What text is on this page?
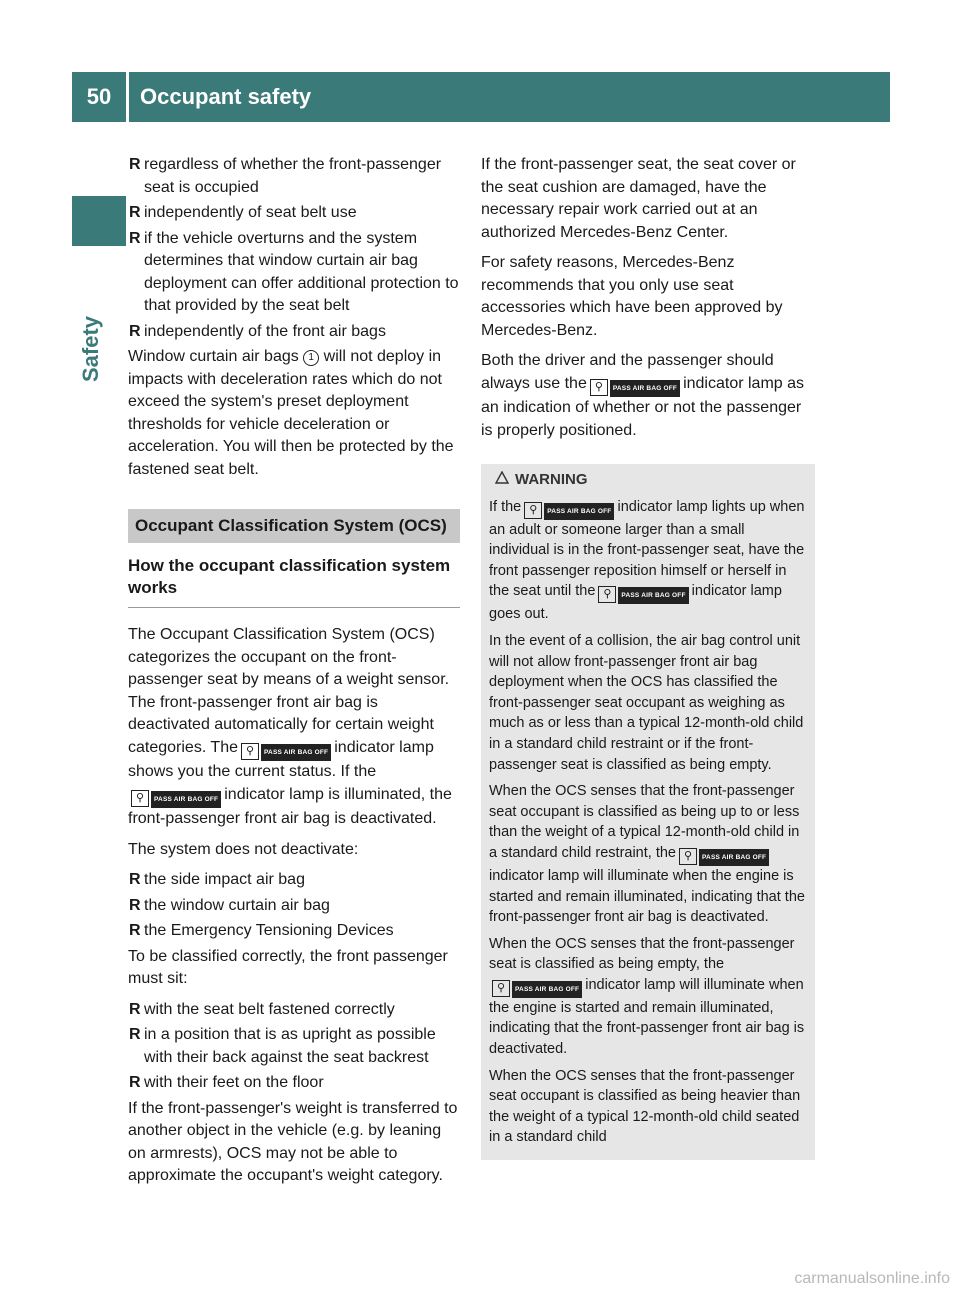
50	Occupant safety
Safety
R regardless of whether the front-passenger seat is occupied
R independently of seat belt use
R if the vehicle overturns and the system determines that window curtain air bag deployment can offer additional protection to that provided by the seat belt
R independently of the front air bags

Window curtain air bags 1 will not deploy in impacts with deceleration rates which do not exceed the system's preset deployment thresholds for vehicle deceleration or acceleration. You will then be protected by the fastened seat belt.

Occupant Classification System (OCS)
How the occupant classification system works

The Occupant Classification System (OCS) categorizes the occupant on the front-passenger seat by means of a weight sensor. The front-passenger front air bag is deactivated automatically for certain weight categories. The ⚲ PASS AIR BAG OFF indicator lamp shows you the current status. If the⚲ PASS AIR BAG OFF indicator lamp is illuminated, the front-passenger front air bag is deactivated.

The system does not deactivate:

R the side impact air bag
R the window curtain air bag
R the Emergency Tensioning Devices

To be classified correctly, the front passenger must sit:

R with the seat belt fastened correctly
R in a position that is as upright as possible with their back against the seat backrest
R with their feet on the floor

If the front-passenger's weight is transferred to another object in the vehicle (e.g. by leaning on armrests), OCS may not be able to approximate the occupant's weight category.

If the front-passenger seat, the seat cover or the seat cushion are damaged, have the necessary repair work carried out at an authorized Mercedes-Benz Center.

For safety reasons, Mercedes-Benz recommends that you only use seat accessories which have been approved by Mercedes-Benz.

Both the driver and the passenger should always use the ⚲ PASS AIR BAG OFF indicator lamp as an indication of whether or not the passenger is properly positioned.

WARNING

If the ⚲ PASS AIR BAG OFF indicator lamp lights up when an adult or someone larger than a small individual is in the front-passenger seat, have the front passenger reposition himself or herself in the seat until the ⚲ PASS AIR BAG OFF indicator lamp goes out.

In the event of a collision, the air bag control unit will not allow front-passenger front air bag deployment when the OCS has classified the front-passenger seat occupant as weighing as much as or less than a typical 12-month-old child in a standard child restraint or if the front-passenger seat is classified as being empty.

When the OCS senses that the front-passenger seat occupant is classified as being up to or less than the weight of a typical 12-month-old child in a standard child restraint, the ⚲ PASS AIR BAG OFFindicator lamp will illuminate when the engine is started and remain illuminated, indicating that the front-passenger front air bag is deactivated.

When the OCS senses that the front-passenger seat is classified as being empty, the⚲ PASS AIR BAG OFF indicator lamp will illuminate when the engine is started and remain illuminated, indicating that the front-passenger front air bag is deactivated.

When the OCS senses that the front-passenger seat occupant is classified as being heavier than the weight of a typical 12-month-old child seated in a standard child

carmanualsonline.info
